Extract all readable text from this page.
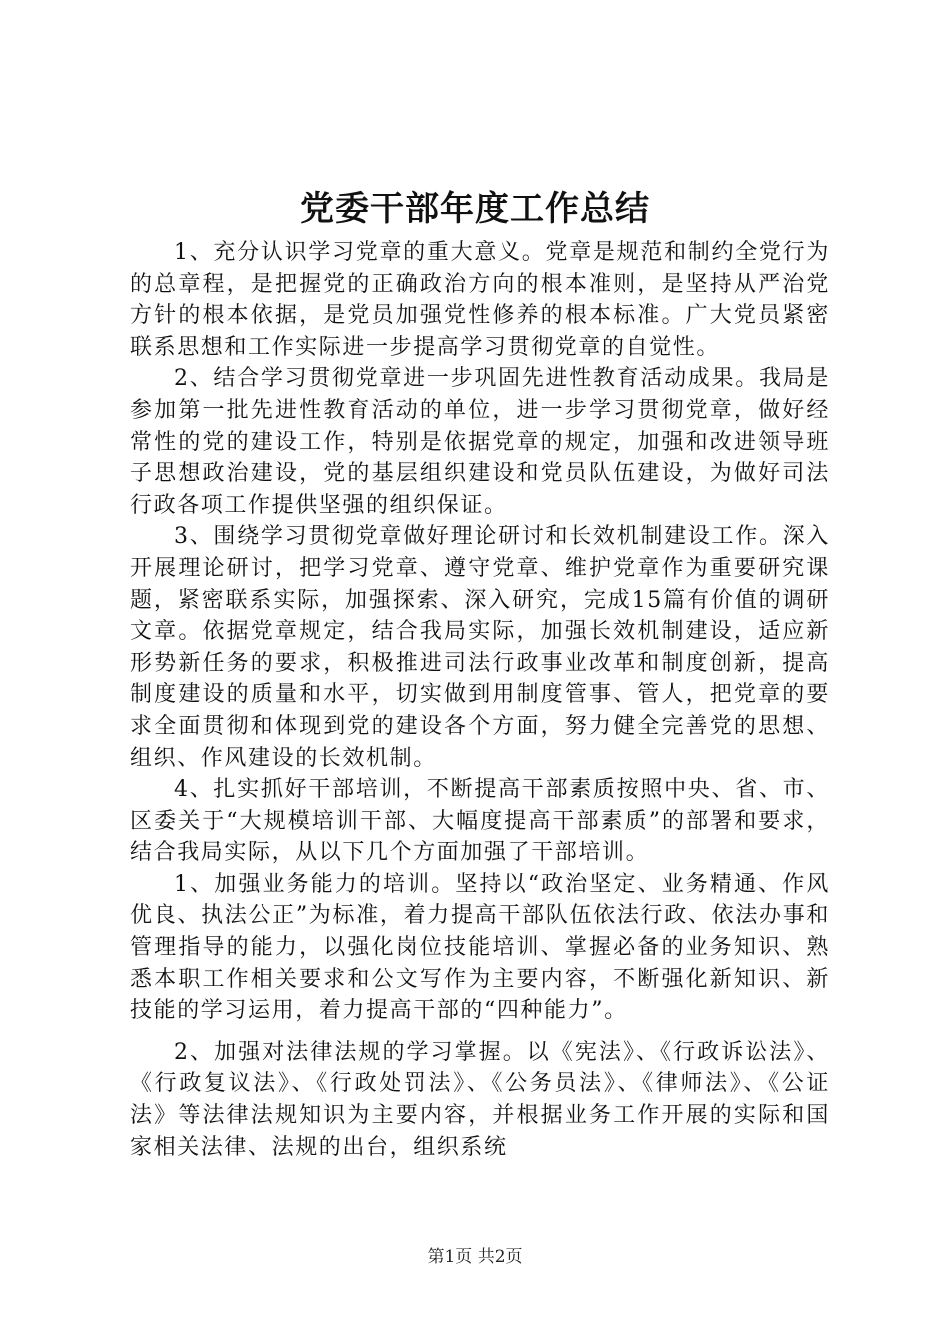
党委干部年度工作总结

1、充分认识学习党章的重大意义。党章是规范和制约全党行为的总章程，是把握党的正确政治方向的根本准则，是坚持从严治党方针的根本依据，是党员加强党性修养的根本标准。广大党员紧密联系思想和工作实际进一步提高学习贯彻党章的自觉性。

2、结合学习贯彻党章进一步巩固先进性教育活动成果。我局是参加第一批先进性教育活动的单位，进一步学习贯彻党章，做好经常性的党的建设工作，特别是依据党章的规定，加强和改进领导班子思想政治建设，党的基层组织建设和党员队伍建设，为做好司法行政各项工作提供坚强的组织保证。

3、围绕学习贯彻党章做好理论研讨和长效机制建设工作。深入开展理论研讨，把学习党章、遵守党章、维护党章作为重要研究课题，紧密联系实际，加强探索、深入研究，完成15篇有价值的调研文章。依据党章规定，结合我局实际，加强长效机制建设，适应新形势新任务的要求，积极推进司法行政事业改革和制度创新，提高制度建设的质量和水平，切实做到用制度管事、管人，把党章的要求全面贯彻和体现到党的建设各个方面，努力健全完善党的思想、组织、作风建设的长效机制。

4、扎实抓好干部培训，不断提高干部素质按照中央、省、市、区委关于“大规模培训干部、大幅度提高干部素质”的部署和要求，结合我局实际，从以下几个方面加强了干部培训。

1、加强业务能力的培训。坚持以“政治坚定、业务精通、作风优良、执法公正”为标准，着力提高干部队伍依法行政、依法办事和管理指导的能力，以强化岗位技能培训、掌握必备的业务知识、熟悉本职工作相关要求和公文写作为主要内容，不断强化新知识、新技能的学习运用，着力提高干部的“四种能力”。

2、加强对法律法规的学习掌握。以《宪法》、《行政诉讼法》、《行政复议法》、《行政处罚法》、《公务员法》、《律师法》、《公证法》等法律法规知识为主要内容，并根据业务工作开展的实际和国家相关法律、法规的出台，组织系统

第1页 共2页
